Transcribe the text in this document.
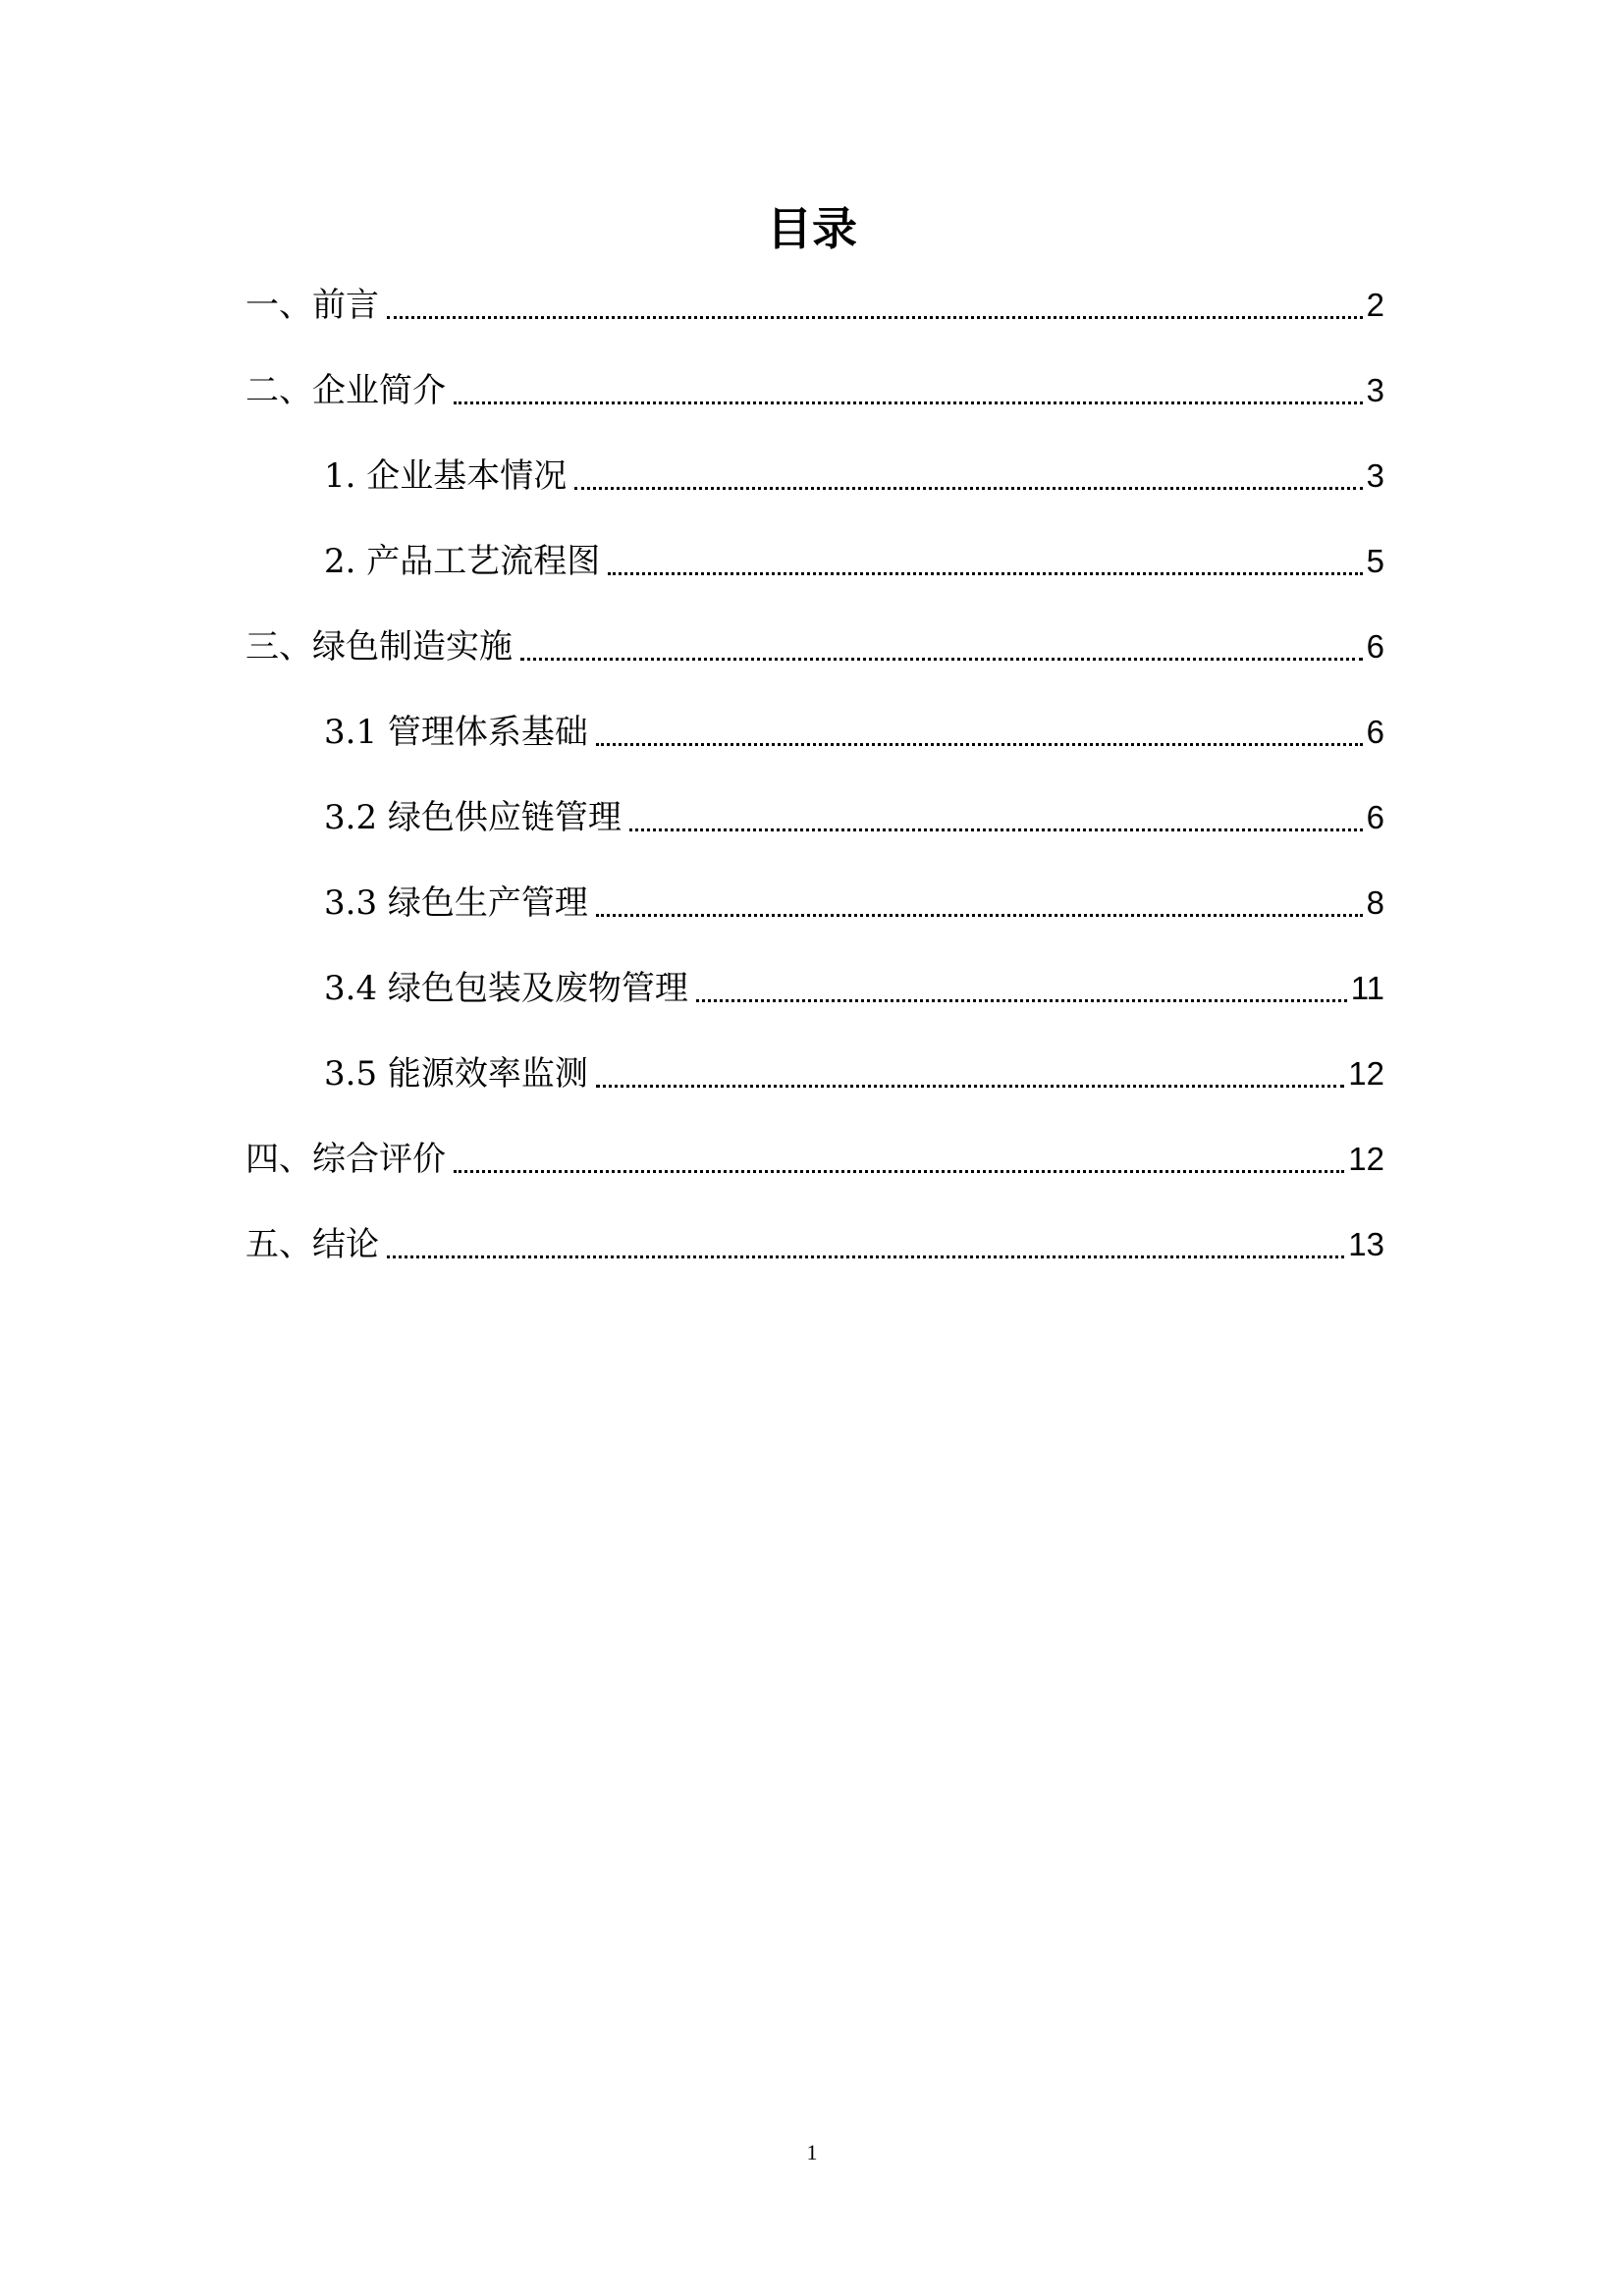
目录
一、前言	2
二、企业简介	3
1. 企业基本情况	3
2. 产品工艺流程图	5
三、绿色制造实施	6
3.1 管理体系基础	6
3.2 绿色供应链管理	6
3.3 绿色生产管理	8
3.4 绿色包装及废物管理	11
3.5 能源效率监测	12
四、综合评价	12
五、结论	13
1
